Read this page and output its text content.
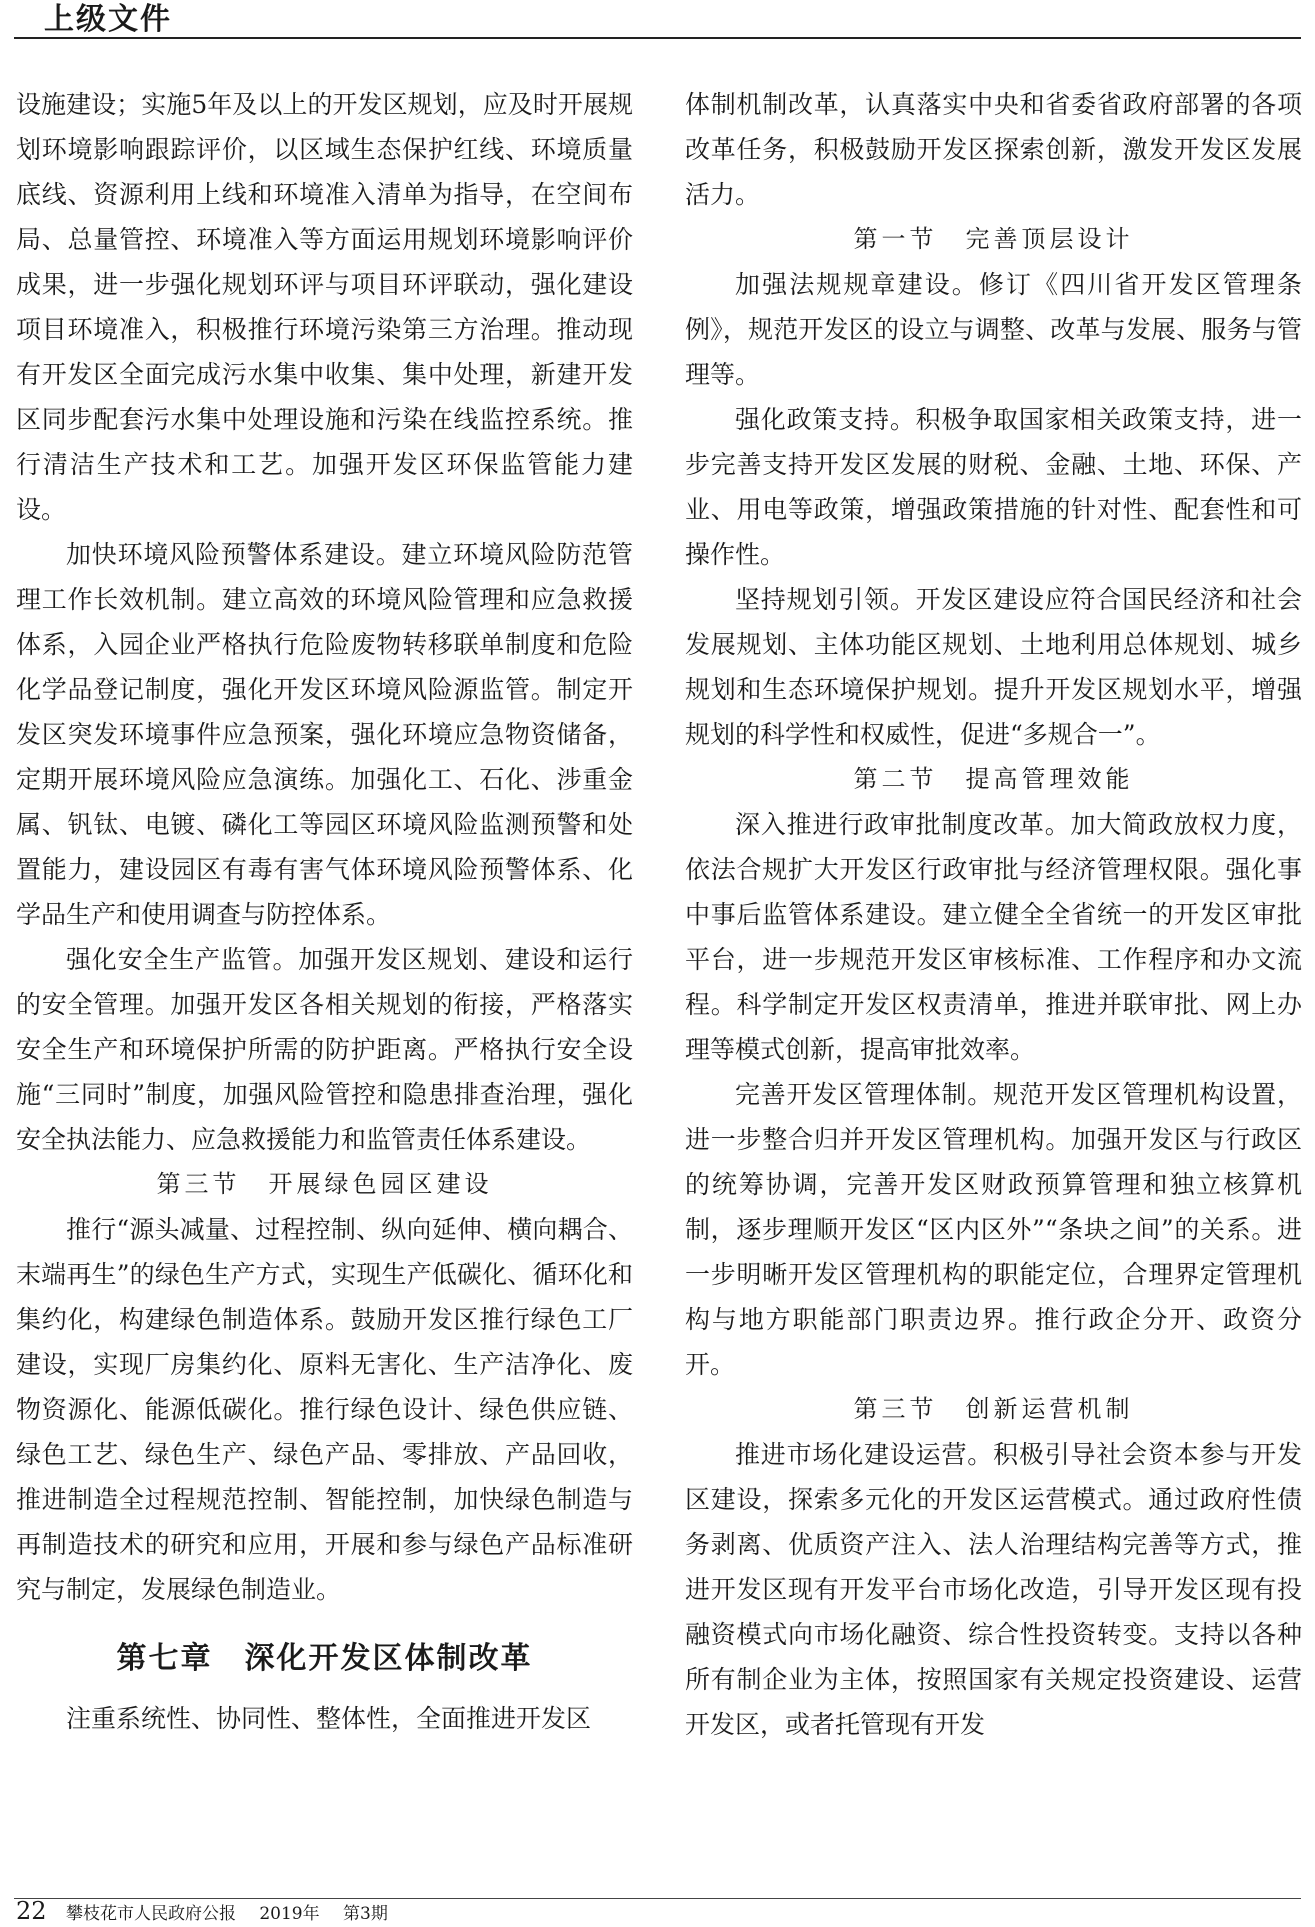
上级文件

设施建设；实施5年及以上的开发区规划，应及时开展规划环境影响跟踪评价，以区域生态保护红线、环境质量底线、资源利用上线和环境准入清单为指导，在空间布局、总量管控、环境准入等方面运用规划环境影响评价成果，进一步强化规划环评与项目环评联动，强化建设项目环境准入，积极推行环境污染第三方治理。推动现有开发区全面完成污水集中收集、集中处理，新建开发区同步配套污水集中处理设施和污染在线监控系统。推行清洁生产技术和工艺。加强开发区环保监管能力建设。

加快环境风险预警体系建设。建立环境风险防范管理工作长效机制。建立高效的环境风险管理和应急救援体系，入园企业严格执行危险废物转移联单制度和危险化学品登记制度，强化开发区环境风险源监管。制定开发区突发环境事件应急预案，强化环境应急物资储备，定期开展环境风险应急演练。加强化工、石化、涉重金属、钒钛、电镀、磷化工等园区环境风险监测预警和处置能力，建设园区有毒有害气体环境风险预警体系、化学品生产和使用调查与防控体系。

强化安全生产监管。加强开发区规划、建设和运行的安全管理。加强开发区各相关规划的衔接，严格落实安全生产和环境保护所需的防护距离。严格执行安全设施“三同时”制度，加强风险管控和隐患排查治理，强化安全执法能力、应急救援能力和监管责任体系建设。

第三节　开展绿色园区建设

推行“源头减量、过程控制、纵向延伸、横向耦合、末端再生”的绿色生产方式，实现生产低碳化、循环化和集约化，构建绿色制造体系。鼓励开发区推行绿色工厂建设，实现厂房集约化、原料无害化、生产洁净化、废物资源化、能源低碳化。推行绿色设计、绿色供应链、绿色工艺、绿色生产、绿色产品、零排放、产品回收，推进制造全过程规范控制、智能控制，加快绿色制造与再制造技术的研究和应用，开展和参与绿色产品标准研究与制定，发展绿色制造业。

第七章　深化开发区体制改革

注重系统性、协同性、整体性，全面推进开发区

体制机制改革，认真落实中央和省委省政府部署的各项改革任务，积极鼓励开发区探索创新，激发开发区发展活力。

第一节　完善顶层设计

加强法规规章建设。修订《四川省开发区管理条例》，规范开发区的设立与调整、改革与发展、服务与管理等。

强化政策支持。积极争取国家相关政策支持，进一步完善支持开发区发展的财税、金融、土地、环保、产业、用电等政策，增强政策措施的针对性、配套性和可操作性。

坚持规划引领。开发区建设应符合国民经济和社会发展规划、主体功能区规划、土地利用总体规划、城乡规划和生态环境保护规划。提升开发区规划水平，增强规划的科学性和权威性，促进“多规合一”。

第二节　提高管理效能

深入推进行政审批制度改革。加大简政放权力度，依法合规扩大开发区行政审批与经济管理权限。强化事中事后监管体系建设。建立健全全省统一的开发区审批平台，进一步规范开发区审核标准、工作程序和办文流程。科学制定开发区权责清单，推进并联审批、网上办理等模式创新，提高审批效率。

完善开发区管理体制。规范开发区管理机构设置，进一步整合归并开发区管理机构。加强开发区与行政区的统筹协调，完善开发区财政预算管理和独立核算机制，逐步理顺开发区“区内区外”“条块之间”的关系。进一步明晰开发区管理机构的职能定位，合理界定管理机构与地方职能部门职责边界。推行政企分开、政资分开。

第三节　创新运营机制

推进市场化建设运营。积极引导社会资本参与开发区建设，探索多元化的开发区运营模式。通过政府性债务剥离、优质资产注入、法人治理结构完善等方式，推进开发区现有开发平台市场化改造，引导开发区现有投融资模式向市场化融资、综合性投资转变。支持以各种所有制企业为主体，按照国家有关规定投资建设、运营开发区，或者托管现有开发

22 攀枝花市人民政府公报 2019年 第3期
